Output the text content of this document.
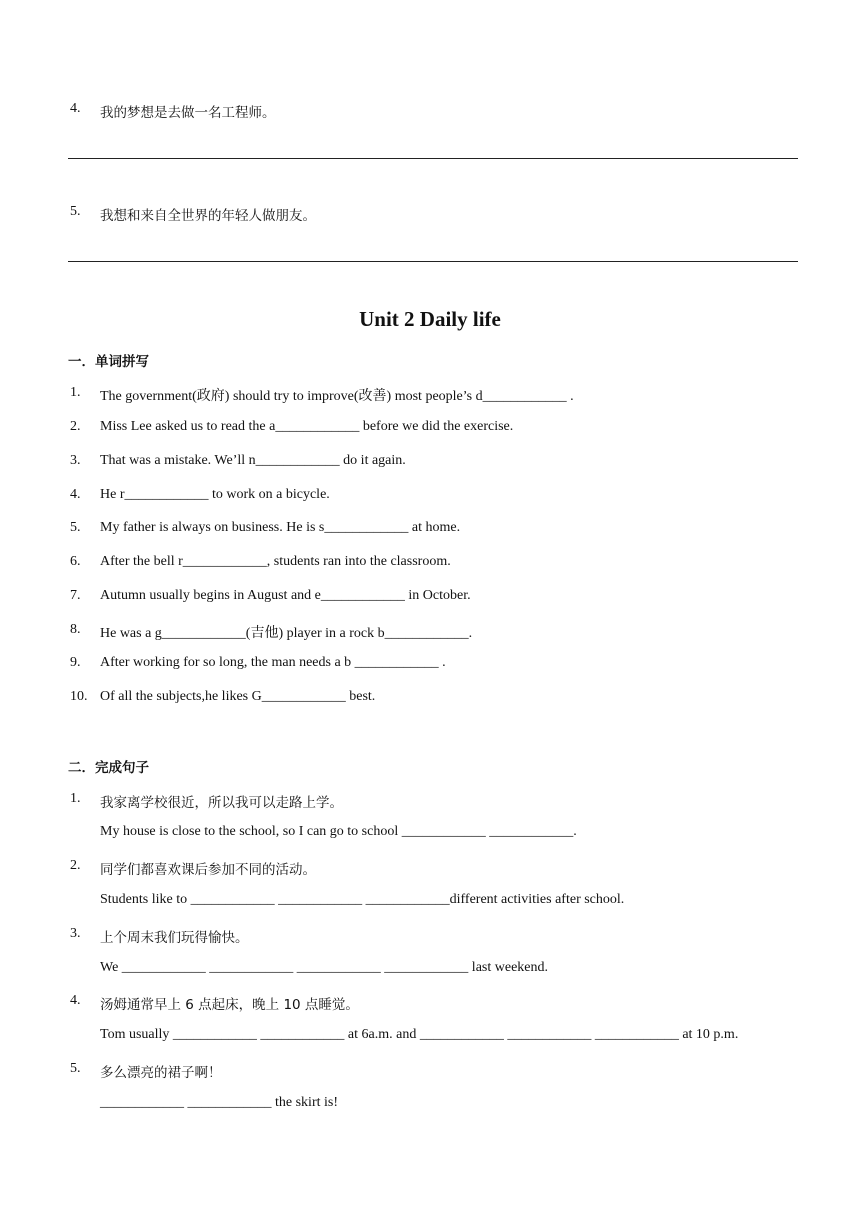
4. 我的梦想是去做一名工程师。
5. 我想和来自全世界的年轻人做朋友。
Unit 2 Daily life
一．单词拼写
1. The government(政府) should try to improve(改善) most people’s d____________ .
2. Miss Lee asked us to read the a____________ before we did the exercise.
3. That was a mistake. We’ll n____________ do it again.
4. He r____________ to work on a bicycle.
5. My father is always on business. He is s____________ at home.
6. After the bell r____________, students ran into the classroom.
7. Autumn usually begins in August and e____________ in October.
8. He was a g____________(吉他) player in a rock b____________.
9. After working for so long, the man needs a b ____________ .
10. Of all the subjects,he likes G____________ best.
二．完成句子
1. 我家离学校很近，所以我可以走路上学。
My house is close to the school, so I can go to school ____________ ____________.
2. 同学们都喜欢课后参加不同的活动。
Students like to ____________ ____________ ____________different activities after school.
3. 上个周末我们玩得愉快。
We ____________ ____________ ____________ ____________ last weekend.
4. 汤姆通常早上 6 点起床，晚上 10 点睡觉。
Tom usually ____________ ____________ at 6a.m. and ____________ ____________ ____________ at 10 p.m.
5. 多么漂亮的裙子啊！
____________ ____________ the skirt is!
